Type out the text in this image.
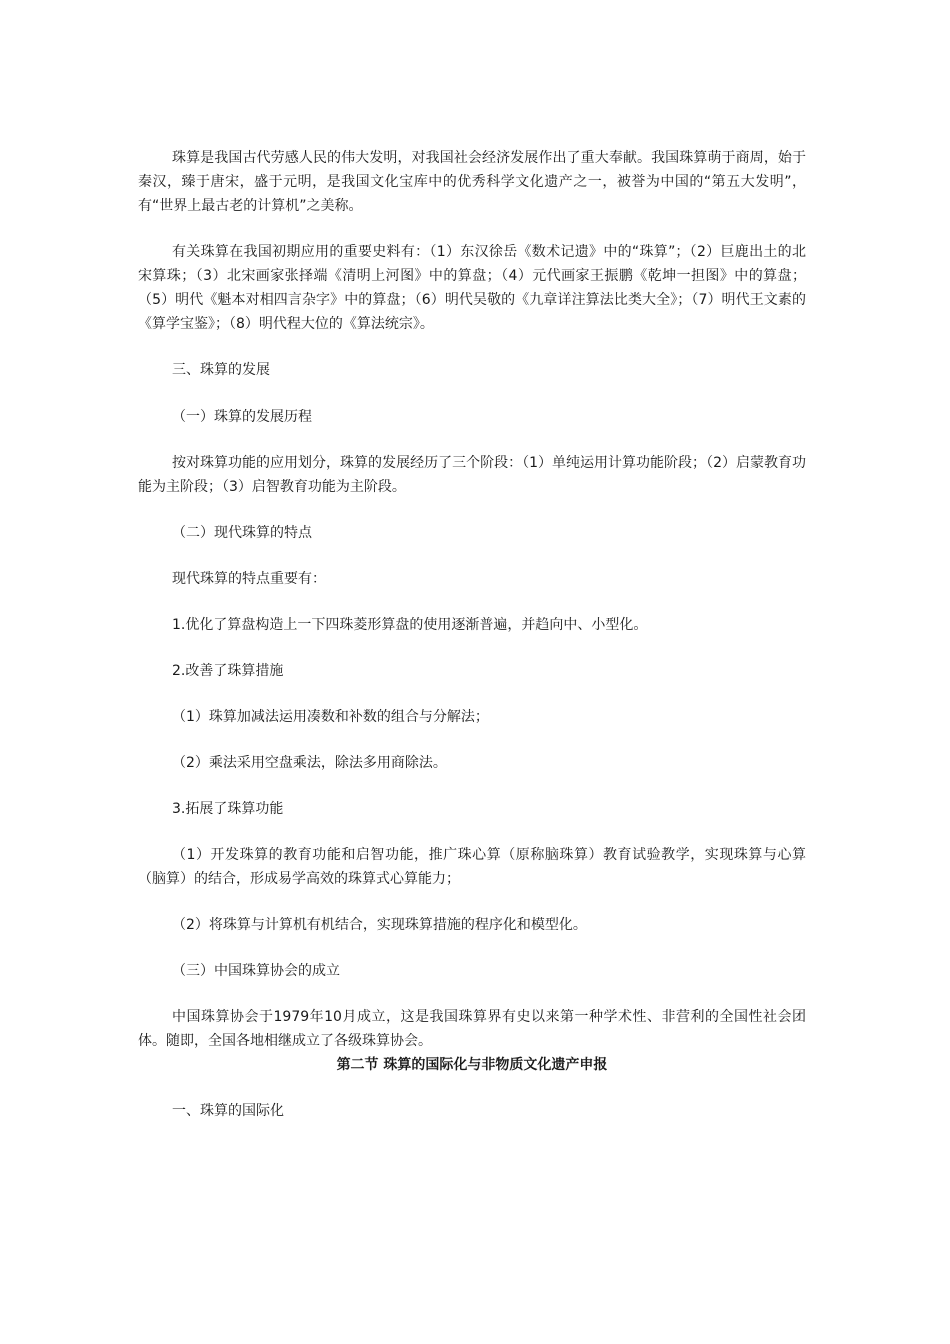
珠算是我国古代劳感人民的伟大发明，对我国社会经济发展作出了重大奉献。我国珠算萌于商周，始于秦汉，臻于唐宋，盛于元明，是我国文化宝库中的优秀科学文化遗产之一，被誉为中国的“第五大发明”，有“世界上最古老的计算机”之美称。

有关珠算在我国初期应用的重要史料有：（1）东汉徐岳《数术记遗》中的“珠算”；（2）巨鹿出土的北宋算珠；（3）北宋画家张择端《清明上河图》中的算盘；（4）元代画家王振鹏《乾坤一担图》中的算盘；（5）明代《魁本对相四言杂字》中的算盘；（6）明代吴敬的《九章详注算法比类大全》；（7）明代王文素的《算学宝鉴》；（8）明代程大位的《算法统宗》。

三、珠算的发展

（一）珠算的发展历程

按对珠算功能的应用划分，珠算的发展经历了三个阶段：（1）单纯运用计算功能阶段；（2）启蒙教育功能为主阶段；（3）启智教育功能为主阶段。

（二）现代珠算的特点

现代珠算的特点重要有：

1.优化了算盘构造上一下四珠菱形算盘的使用逐渐普遍，并趋向中、小型化。

2.改善了珠算措施

（1）珠算加减法运用凑数和补数的组合与分解法；

（2）乘法采用空盘乘法，除法多用商除法。

3.拓展了珠算功能

（1）开发珠算的教育功能和启智功能，推广珠心算（原称脑珠算）教育试验教学，实现珠算与心算（脑算）的结合，形成易学高效的珠算式心算能力；

（2）将珠算与计算机有机结合，实现珠算措施的程序化和模型化。

（三）中国珠算协会的成立

中国珠算协会于1979年10月成立，这是我国珠算界有史以来第一种学术性、非营利的全国性社会团体。随即，全国各地相继成立了各级珠算协会。

第二节 珠算的国际化与非物质文化遗产申报

一、珠算的国际化
